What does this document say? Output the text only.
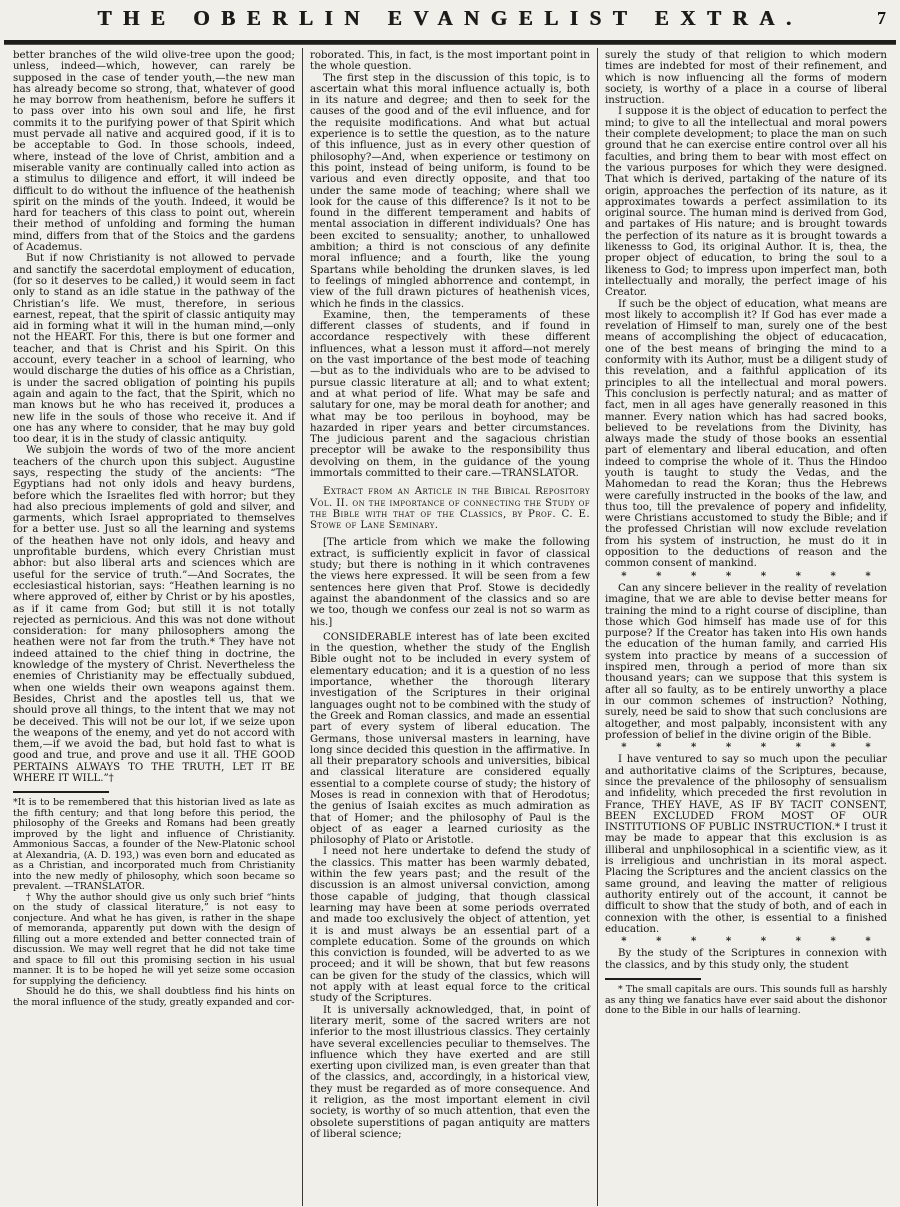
THE OBERLIN EVANGELIST EXTRA.	7

better branches of the wild olive-tree upon the good; unless, indeed—which, however, can rarely be supposed in the case of tender youth,—the new man has already become so strong, that, whatever of good he may borrow from heathenism, before he suffers it to pass over into his own soul and life, he first commits it to the purifying power of that Spirit which must pervade all native and acquired good, if it is to be acceptable to God. In those schools, indeed, where, instead of the love of Christ, ambition and a miserable vanity are continually called into action as a stimulus to diligence and effort, it will indeed be difficult to do without the influence of the heathenish spirit on the minds of the youth. Indeed, it would be hard for teachers of this class to point out, wherein their method of unfolding and forming the human mind, differs from that of the Stoics and the gardens of Academus.

But if now Christianity is not allowed to pervade and sanctify the sacerdotal employment of education, (for so it deserves to be called,) it would seem in fact only to stand as an idle statue in the pathway of the Christian’s life. We must, therefore, in serious earnest, repeat, that the spirit of classic antiquity may aid in forming what it will in the human mind,—only not the HEART. For this, there is but one former and teacher, and that is Christ and his Spirit. On this account, every teacher in a school of learning, who would discharge the duties of his office as a Christian, is under the sacred obligation of pointing his pupils again and again to the fact, that the Spirit, which no man knows but he who has received it, produces a new life in the souls of those who receive it. And if one has any where to consider, that he may buy gold too dear, it is in the study of classic antiquity.

We subjoin the words of two of the more ancient teachers of the church upon this subject. Augustine says, respecting the study of the ancients: “The Egyptians had not only idols and heavy burdens, before which the Israelites fled with horror; but they had also precious implements of gold and silver, and garments, which Israel appropriated to themselves for a better use. Just so all the learning and systems of the heathen have not only idols, and heavy and unprofitable burdens, which every Christian must abhor: but also liberal arts and sciences which are useful for the service of truth.”—And Socrates, the ecclesiastical historian, says: “Heathen learning is no where approved of, either by Christ or by his apostles, as if it came from God; but still it is not totally rejected as pernicious. And this was not done without consideration: for many philosophers among the heathen were not far from the truth.* They have not indeed attained to the chief thing in doctrine, the knowledge of the mystery of Christ. Nevertheless the enemies of Christianity may be effectually subdued, when one wields their own weapons against them. Besides, Christ and the apostles tell us, that we should prove all things, to the intent that we may not be deceived. This will not be our lot, if we seize upon the weapons of the enemy, and yet do not accord with them,—if we avoid the bad, but hold fast to what is good and true, and prove and use it all. THE GOOD PERTAINS ALWAYS TO THE TRUTH, LET IT BE WHERE IT WILL.”†

*It is to be remembered that this historian lived as late as the fifth century; and that long before this period, the philosophy of the Greeks and Romans had been greatly improved by the light and influence of Christianity. Ammonious Saccas, a founder of the New-Platonic school at Alexandria, (A. D. 193,) was even born and educated as as a Christian, and incorporated much from Christianity into the new medly of philosophy, which soon became so prevalent. —TRANSLATOR.

† Why the author should give us only such brief “hints on the study of classical literature,” is not easy to conjecture. And what he has given, is rather in the shape of memoranda, apparently put down with the design of filling out a more extended and better connected train of discussion. We may well regret that he did not take time and space to fill out this promising section in his usual manner. It is to be hoped he will yet seize some occasion for supplying the deficiency.

Should he do this, we shall doubtless find his hints on the moral influence of the study, greatly expanded and cor-

roborated. This, in fact, is the most important point in the whole question.

The first step in the discussion of this topic, is to ascertain what this moral influence actually is, both in its nature and degree; and then to seek for the causes of the good and of the evil influence, and for the requisite modifications. And what but actual experience is to settle the question, as to the nature of this influence, just as in every other question of philosophy?—And, when experience or testimony on this point, instead of being uniform, is found to be various and even directly opposite, and that too under the same mode of teaching; where shall we look for the cause of this difference? Is it not to be found in the different temperament and habits of mental association in different individuals? One has been excited to sensuality; another, to unhallowed ambition; a third is not conscious of any definite moral influence; and a fourth, like the young Spartans while beholding the drunken slaves, is led to feelings of mingled abhorrence and contempt, in view of the full drawn pictures of heathenish vices, which he finds in the classics.

Examine, then, the temperaments of these different classes of students, and if found in accordance respectively with these different influences, what a lesson must it afford—not merely on the vast importance of the best mode of teaching—but as to the individuals who are to be advised to pursue classic literature at all; and to what extent; and at what period of life. What may be safe and salutary for one, may be moral death for another; and what may be too perilous in boyhood, may be hazarded in riper years and better circumstances. The judicious parent and the sagacious christian preceptor will be awake to the responsibility thus devolving on them, in the guidance of the young immortals committed to their care.—TRANSLATOR.

Extract from an Article in the Bibical Repository Vol. II. on the importance of connecting the Study of the Bible with that of the Classics, by Prof. C. E. Stowe of Lane Seminary.

[The article from which we make the following extract, is sufficiently explicit in favor of classical study; but there is nothing in it which contravenes the views here expressed. It will be seen from a few sentences here given that Prof. Stowe is decidedly against the abandonment of the classics and so are we too, though we confess our zeal is not so warm as his.]

CONSIDERABLE interest has of late been excited in the question, whether the study of the English Bible ought not to be included in every system of elementary education; and it is a question of no less importance, whether the thorough literary investigation of the Scriptures in their original languages ought not to be combined with the study of the Greek and Roman classics, and made an essential part of every system of liberal education. The Germans, those universal masters in learning, have long since decided this question in the affirmative. In all their preparatory schools and universities, bibical and classical literature are considered equally essential to a complete course of study; the history of Moses is read in connexion with that of Herodotus; the genius of Isaiah excites as much admiration as that of Homer; and the philosophy of Paul is the object of as eager a learned curiosity as the philosophy of Plato or Aristotle.

I need not here undertake to defend the study of the classics. This matter has been warmly debated, within the few years past; and the result of the discussion is an almost universal conviction, among those capable of judging, that though classical learning may have been at some periods overrated and made too exclusively the object of attention, yet it is and must always be an essential part of a complete education. Some of the grounds on which this conviction is founded, will be adverted to as we proceed; and it will be shown, that but few reasons can be given for the study of the classics, which will not apply with at least equal force to the critical study of the Scriptures.

It is universally acknowledged, that, in point of literary merit, some of the sacred writers are not inferior to the most illustrious classics. They certainly have several excellencies peculiar to themselves. The influence which they have exerted and are still exerting upon civilized man, is even greater than that of the classics, and, accordingly, in a historical view, they must be regarded as of more consequence. And it religion, as the most important element in civil society, is worthy of so much attention, that even the obsolete superstitions of pagan antiquity are matters of liberal science;

surely the study of that religion to which modern times are indebted for most of their refinement, and which is now influencing all the forms of modern society, is worthy of a place in a course of liberal instruction.

I suppose it is the object of education to perfect the mind; to give to all the intellectual and moral powers their complete development; to place the man on such ground that he can exercise entire control over all his faculties, and bring them to bear with most effect on the various purposes for which they were designed. That which is derived, partaking of the nature of its origin, approaches the perfection of its nature, as it approximates towards a perfect assimilation to its original source. The human mind is derived from God, and partakes of His nature; and is brought towards the perfection of its nature as it is brought towards a likenesss to God, its original Author. It is, thea, the proper object of education, to bring the soul to a likeness to God; to impress upon imperfect man, both intellectually and morally, the perfect image of his Creator.

If such be the object of education, what means are most likely to accomplish it? If God has ever made a revelation of Himself to man, surely one of the best means of accomplishing the object of educacation, one of the best means of bringing the mind to a conformity with its Author, must be a diligent study of this revelation, and a faithful application of its principles to all the intellectual and moral powers. This conclusion is perfectly natural; and as matter of fact, men in all ages have generally reasoned in this manner. Every nation which has had sacred books, believed to be revelations from the Divinity, has always made the study of those books an essential part of elementary and liberal education, and often indeed to comprise the whole of it. Thus the Hindoo youth is taught to study the Vedas, and the Mahomedan to read the Koran; thus the Hebrews were carefully instructed in the books of the law, and thus too, till the prevalence of popery and infidelity, were Christians accustomed to study the Bible; and if the professed Christian will now exclude revelation from his system of instruction, he must do it in opposition to the deductions of reason and the common consent of mankind.

* * * * * * * *

Can any sincere believer in the reality of revelation imagine, that we are able to devise better means for training the mind to a right course of discipline, than those which God himself has made use of for this purpose? If the Creator has taken into His own hands the education of the human family, and carried His system into practice by means of a succession of inspired men, through a period of more than six thousand years; can we suppose that this system is after all so faulty, as to be entirely unworthy a place in our common schemes of instruction? Nothing, surely, need be said to show that such conclusions are altogether, and most palpably, inconsistent with any profession of belief in the divine origin of the Bible.

* * * * * * * *

I have ventured to say so much upon the peculiar and authoritative claims of the Scriptures, because, since the prevalence of the philosophy of sensualism and infidelity, which preceded the first revolution in France, THEY HAVE, AS IF BY TACIT CONSENT, BEEN EXCLUDED FROM MOST OF OUR INSTITUTIONS OF PUBLIC INSTRUCTION.* I trust it may be made to appear that this exclusion is as illiberal and unphilosophical in a scientific view, as it is irreligious and unchristian in its moral aspect. Placing the Scriptures and the ancient classics on the same ground, and leaving the matter of religious authority entirely out of the account, it cannot be difficult to show that the study of both, and of each in connexion with the other, is essential to a finished education.

* * * * * * * *

By the study of the Scriptures in connexion with the classics, and by this study only, the student

* The small capitals are ours. This sounds full as harshly as any thing we fanatics have ever said about the dishonor done to the Bible in our halls of learning.
